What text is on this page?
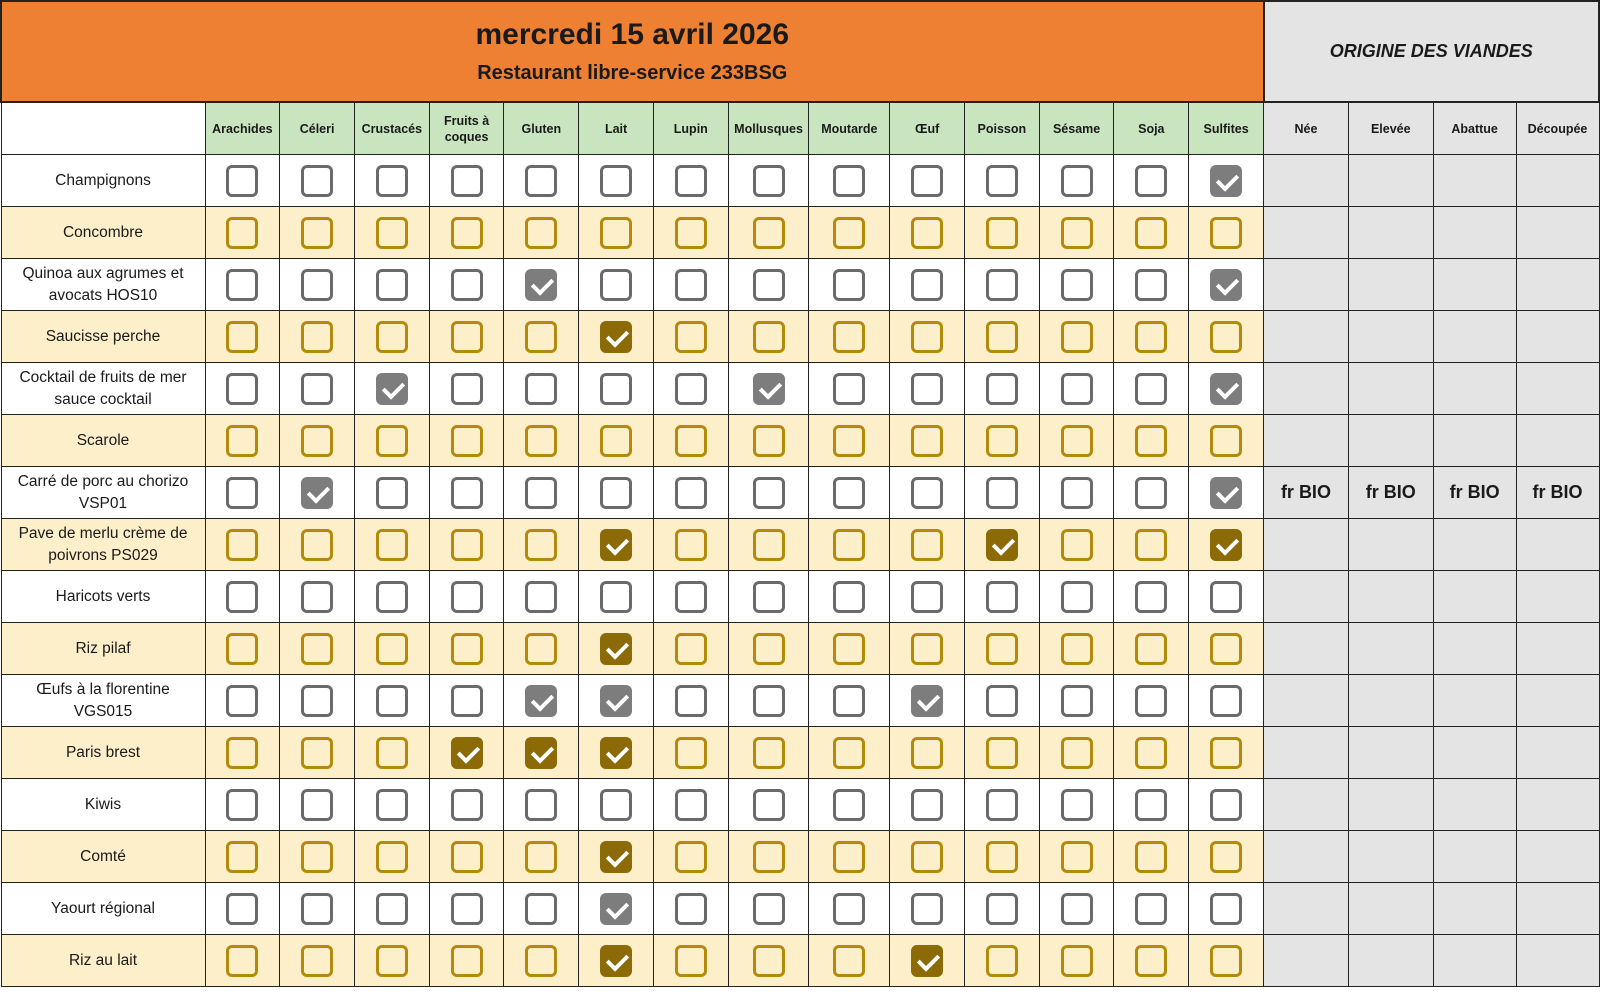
mercredi 15 avril 2026
Restaurant libre-service 233BSG															ORIGINE DES VIANDES			
	Arachides	Céleri	Crustacés	Fruits à coques	Gluten	Lait	Lupin	Mollusques	Moutarde	Œuf	Poisson	Sésame	Soja	Sulfites	Née	Elevée	Abattue	Découpée
Champignons																		
Concombre																		
Quinoa aux agrumes et avocats HOS10																		
Saucisse perche																		
Cocktail de fruits de mer sauce cocktail																		
Scarole																		
Carré de porc au chorizo VSP01															fr BIO	fr BIO	fr BIO	fr BIO
Pave de merlu crème de poivrons PS029																		
Haricots verts																		
Riz pilaf																		
Œufs à la florentine VGS015																		
Paris brest																		
Kiwis																		
Comté																		
Yaourt régional																		
Riz au lait																		
